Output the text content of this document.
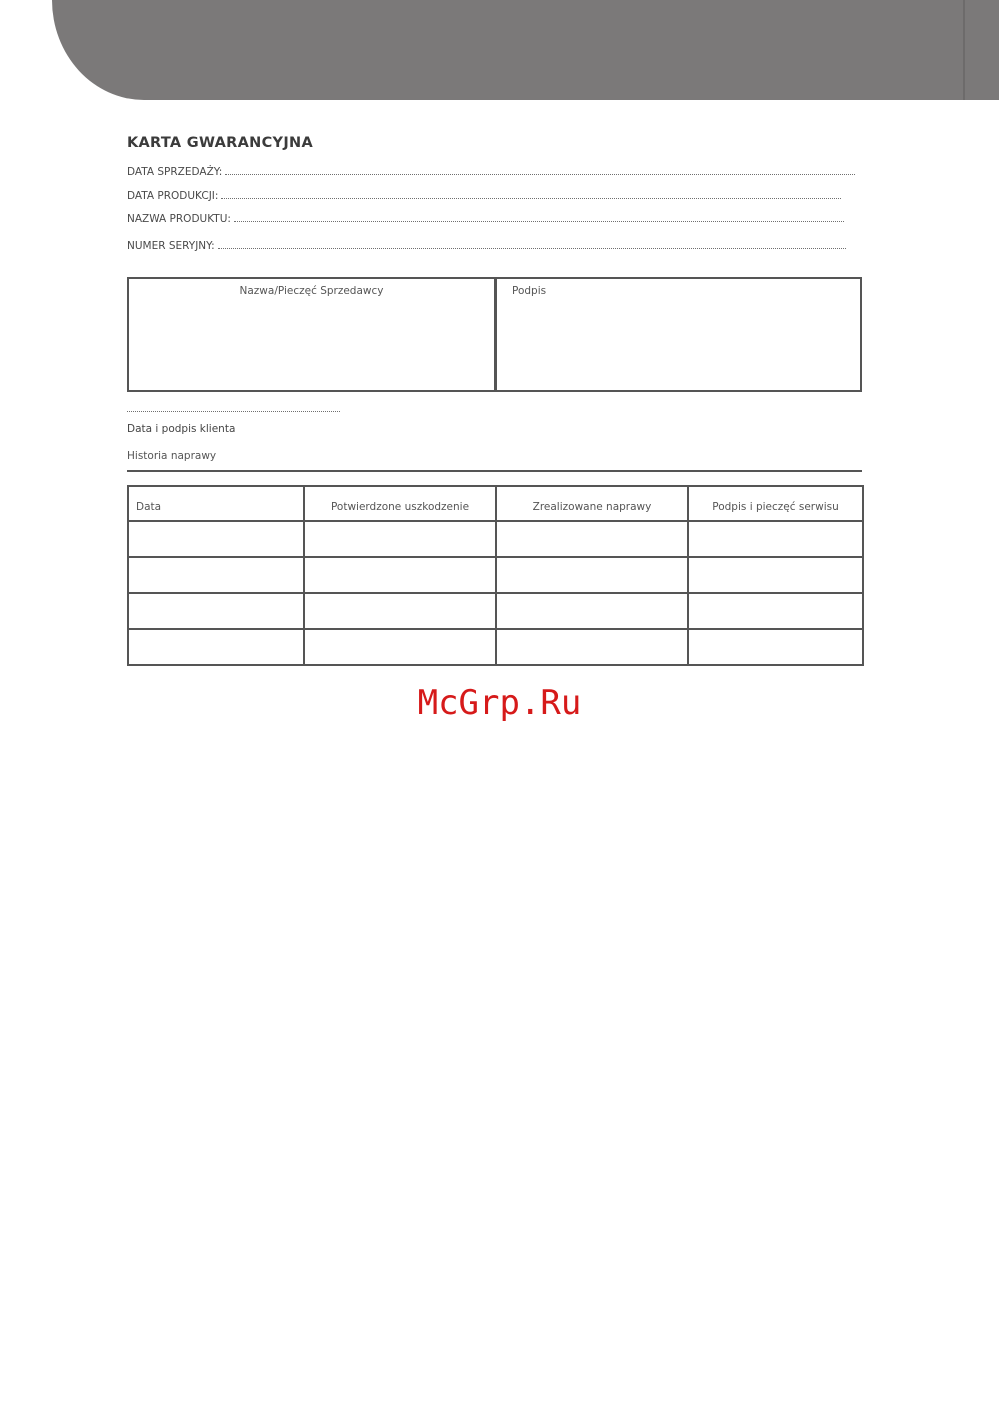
KARTA GWARANCYJNA
DATA SPRZEDAŻY:
DATA PRODUKCJI:
NAZWA PRODUKTU:
NUMER SERYJNY:
Nazwa/Pieczęć Sprzedawcy	Podpis
Data i podpis klienta
Historia naprawy
Data	Potwierdzone uszkodzenie	Zrealizowane naprawy	Podpis i pieczęć serwisu

McGrp.Ru
